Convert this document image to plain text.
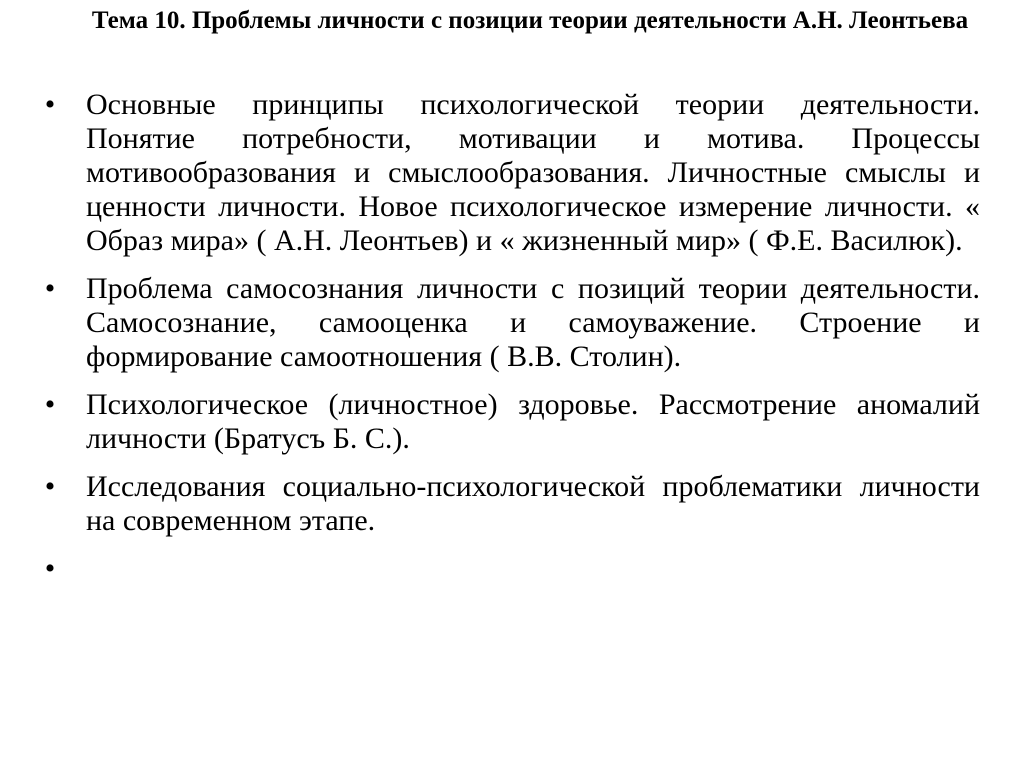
Тема 10. Проблемы личности с позиции теории деятельности А.Н. Леонтьева
• Основные принципы психологической теории деятельности. Понятие потребности, мотивации и мотива. Процессы мотивообразования и смыслообразования. Личностные смыслы и ценности личности. Новое психологическое измерение личности. « Образ мира» ( А.Н. Леонтьев) и « жизненный мир» ( Ф.Е. Василюк).
• Проблема самосознания личности с позиций теории деятельности. Самосознание, самооценка и самоуважение. Строение и формирование самоотношения ( В.В. Столин).
• Психологическое (личностное) здоровье. Рассмотрение аномалий личности (Братусъ Б. С.).
• Исследования социально-психологической проблематики личности на современном этапе.
•
